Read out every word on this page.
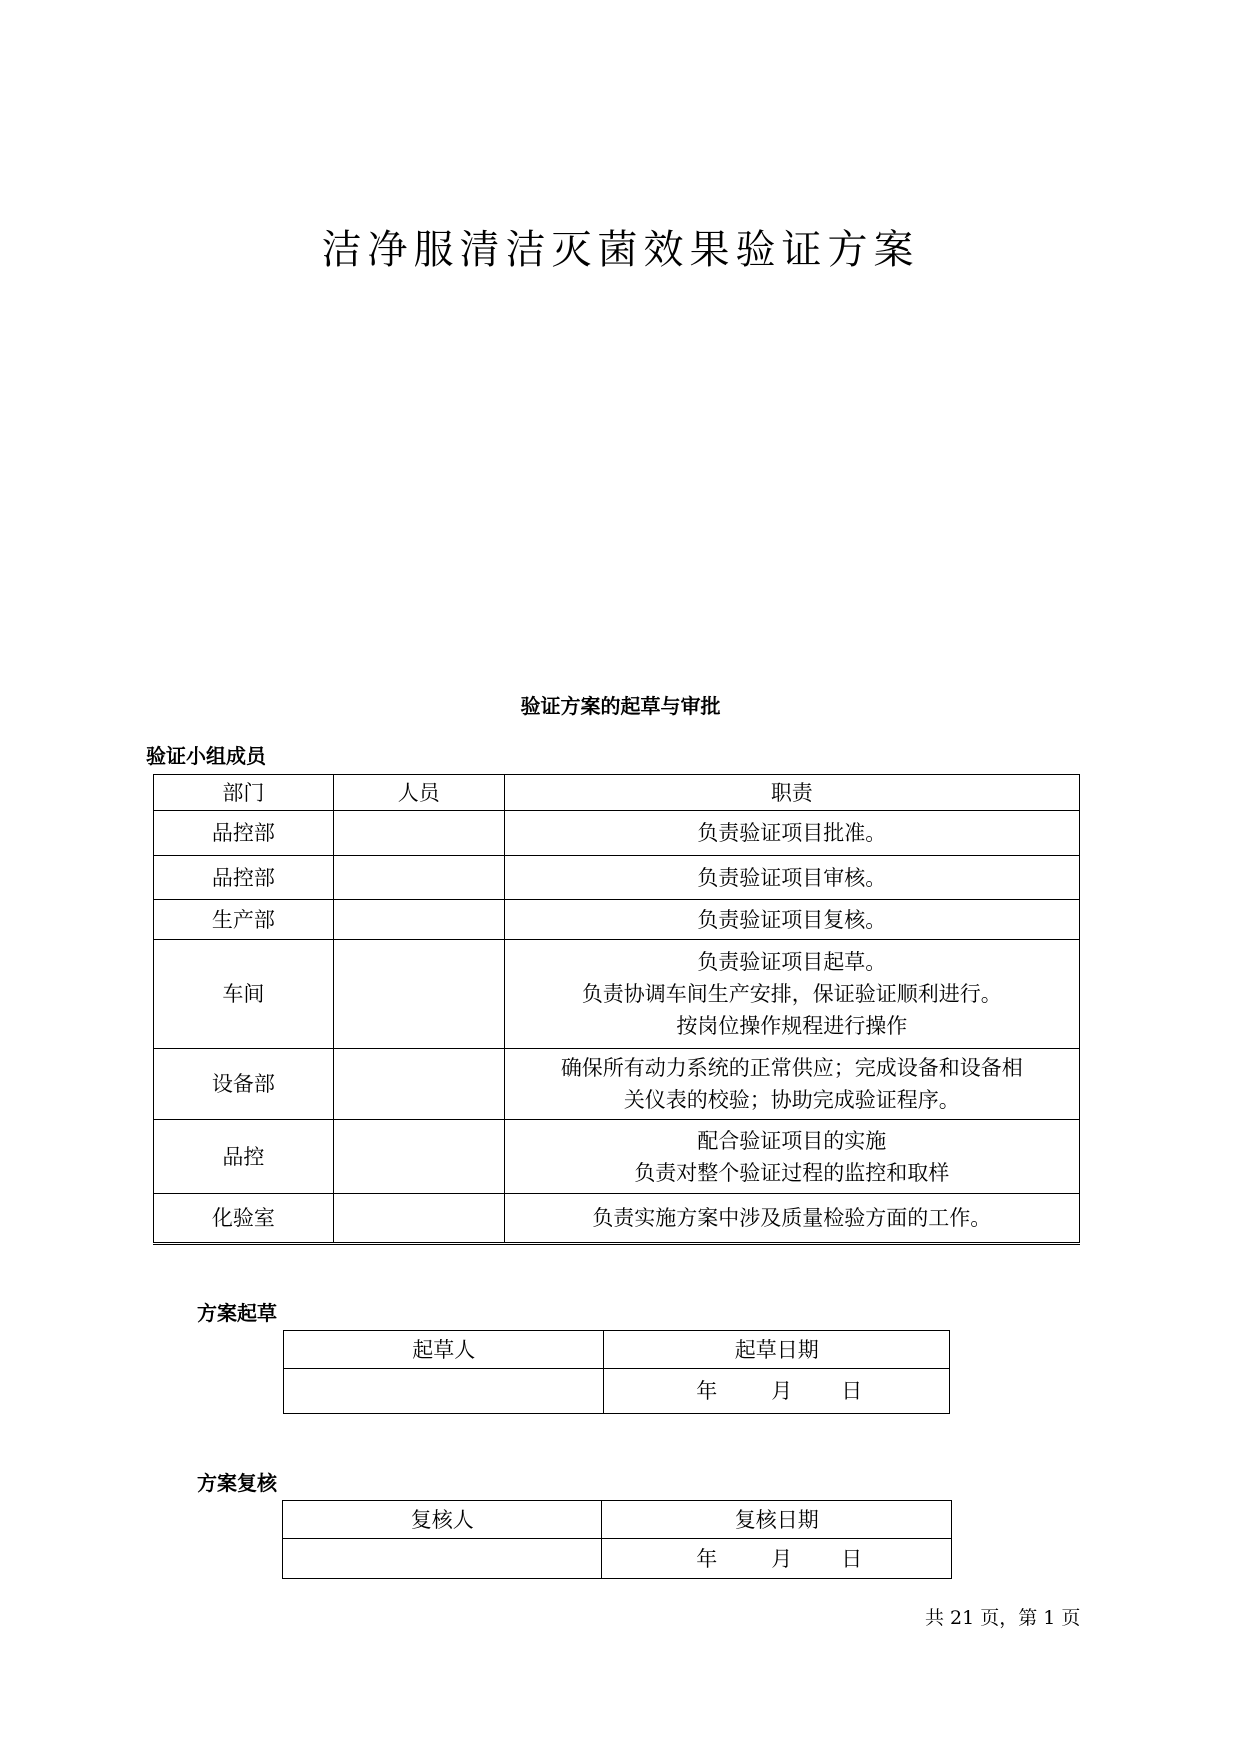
洁净服清洁灭菌效果验证方案
验证方案的起草与审批
验证小组成员
部门	人员	职责
品控部		负责验证项目批准。

品控部		负责验证项目审核。

生产部		负责验证项目复核。

车间		负责验证项目起草。
负责协调车间生产安排，保证验证顺利进行。
按岗位操作规程进行操作

设备部		确保所有动力系统的正常供应；完成设备和设备相
关仪表的校验；协助完成验证程序。

品控		配合验证项目的实施
负责对整个验证过程的监控和取样

化验室		负责实施方案中涉及质量检验方面的工作。
方案起草
起草人	起草日期
	年 月 日
方案复核
复核人	复核日期
	年 月 日
共 21 页，第 1 页
